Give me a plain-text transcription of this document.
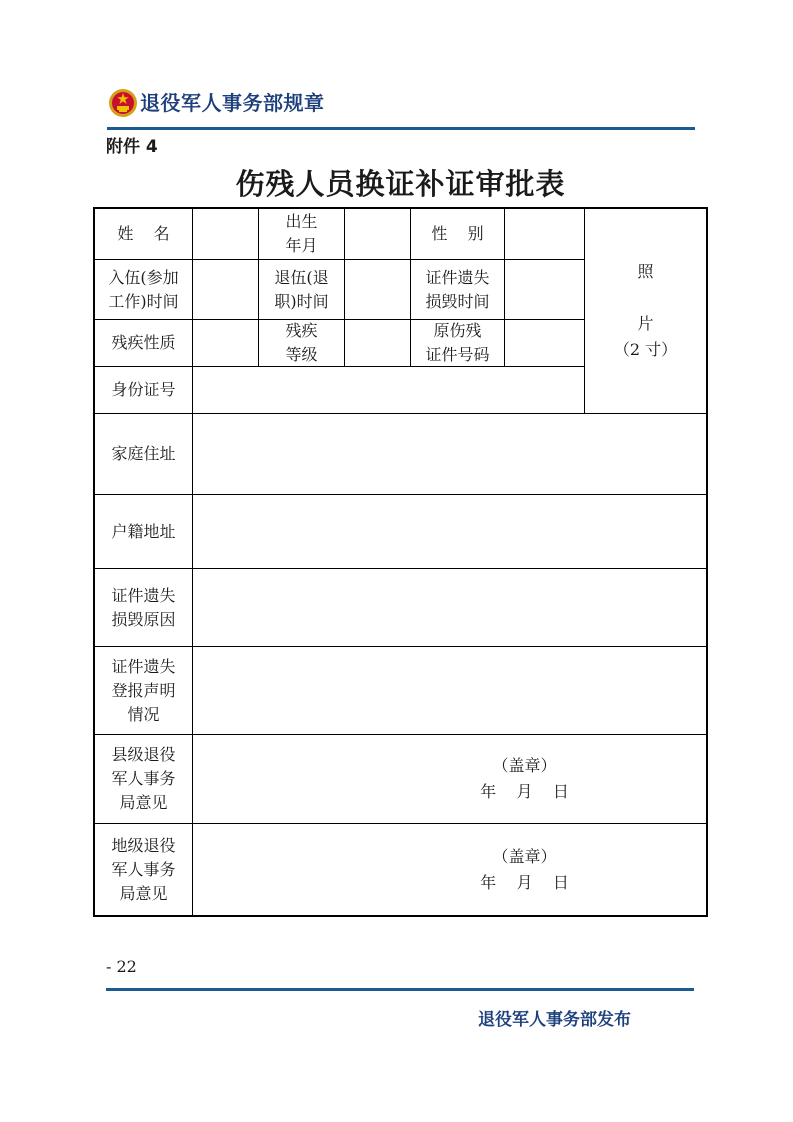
退役军人事务部规章
附件 4
伤残人员换证补证审批表
姓    名
出生
年月
性    别
照

片
（2 寸）
入伍(参加
工作)时间
退伍(退
职)时间
证件遗失
损毁时间
残疾性质
残疾
等级
原伤残
证件号码
身份证号
家庭住址
户籍地址
证件遗失
损毁原因
证件遗失
登报声明
情况
县级退役
军人事务
局意见
（盖章）
年    月    日
地级退役
军人事务
局意见
（盖章）
年    月    日
- 22
退役军人事务部发布
